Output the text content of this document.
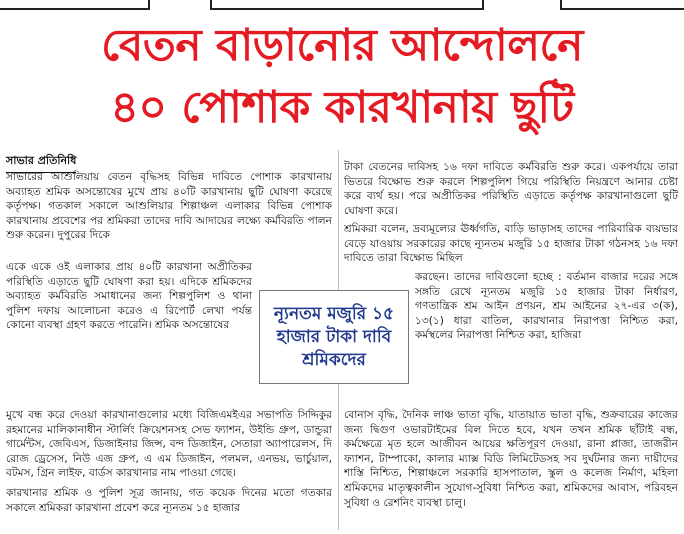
বেতন বাড়ানোর আন্দোলনে
৪০ পোশাক কারখানায় ছুটি
সাভার প্রতিনিধি

সাভারের আশুলিয়ায় বেতন বৃদ্ধিসহ বিভিন্ন দাবিতে পোশাক কারখানায় অব্যাহত শ্রমিক অসন্তোষের মুখে প্রায় ৪০টি কারখানায় ছুটি ঘোষণা করেছে কর্তৃপক্ষ। গতকাল সকালে আশুলিয়ার শিল্পাঞ্চল এলাকার বিভিন্ন পোশাক কারখানায় প্রবেশের পর শ্রমিকরা তাদের দাবি আদায়ের লক্ষ্যে কর্মবিরতি পালন শুরু করেন। দুপুরের দিকে

একে একে ওই এলাকার প্রায় ৪০টি কারখানা অপ্রীতিকর পরিস্থিতি এড়াতে ছুটি ঘোষণা করা হয়। এদিকে শ্রমিকদের অব্যাহত কর্মবিরতি সমাধানের জন্য শিল্পপুলিশ ও থানা পুলিশ দফায় আলোচনা করেও এ রিপোর্ট লেখা পর্যন্ত কোনো ব্যবস্থা গ্রহণ করতে পারেনি। শ্রমিক অসন্তোষের

মুখে বন্ধ করে দেওয়া কারখানাগুলোর মধ্যে বিজিএমইএর সভাপতি সিদ্দিকুর রহমানের মালিকানাধীন স্টার্লিং ক্রিয়েশনসহ সেভ ফ্যাশন, উইন্ডি গ্রুপ, ডান্ডুরা গার্মেন্টস, জেবিএস, ডিজাইনার জিন্স, বন্দ ডিজাইন, সেতারা অ্যাপারেলস, দি রোজ ড্রেসেস, নিউ এজ গ্রুপ, এ এম ডিজাইন, পলমল, এনভয়, ভার্চুয়াল, বটমস, গ্রিন লাইফ, বার্ডস কারখানার নাম পাওয়া গেছে।

কারখানার শ্রমিক ও পুলিশ সূত্র জানায়, গত কয়েক দিনের মতো গতকার সকালে শ্রমিকরা কারখানা প্রবেশ করে ন্যূনতম ১৫ হাজার

টাকা বেতনের দাবিসহ ১৬ দফা দাবিতে কর্মবিরতি শুরু করে। একপর্যায়ে তারা ভিতরে বিক্ষোভ শুরু করলে শিল্পপুলিশ গিয়ে পরিস্থিতি নিয়ন্ত্রণে আনার চেষ্টা করে ব্যর্থ হয়। পরে অপ্রীতিকর পরিস্থিতি এড়াতে কর্তৃপক্ষ কারখানাগুলো ছুটি ঘোষণা করে।

শ্রমিকরা বলেন, দ্রব্যমূল্যের ঊর্ধ্বগতি, বাড়ি ভাড়াসহ তাদের পারিবারিক ব্যয়ভার বেড়ে যাওয়ায় সরকারের কাছে ন্যূনতম মজুরি ১৫ হাজার টাকা গঠনসহ ১৬ দফা দাবিতে তারা বিক্ষোভ মিছিল

করছেন। তাদের দাবিগুলো হচ্ছে : বর্তমান বাজার দরের সঙ্গে সঙ্গতি রেখে ন্যূনতম মজুরি ১৫ হাজার টাকা নির্ধারণ, গণতান্ত্রিক শ্রম আইন প্রণয়ন, শ্রম আইনের ২৭-এর ৩(ক), ১৩(১) ধারা বাতিল, কারখানার নিরাপত্তা নিশ্চিত করা, কর্মস্থলের নিরাপত্তা নিশ্চিত করা, হাজিরা

বোনাস বৃদ্ধি, দৈনিক লাঞ্চ ভাতা বৃদ্ধি, যাতায়াত ভাতা বৃদ্ধি, শুক্রবারের কাজের জন্য দ্বিগুণ ওভারটাইমের বিল দিতে হবে, যখন তখন শ্রমিক ছাঁটাই বন্ধ, কর্মক্ষেত্রে মৃত হলে আজীবন আয়ের ক্ষতিপূরণ দেওয়া, রানা প্লাজা, তাজরীন ফ্যাশন, টাম্পাকো, কালার ম্যাক্স বিডি লিমিটেডসহ সব দুর্ঘটনার জন্য দায়ীদের শাস্তি নিশ্চিত, শিল্পাঞ্চলে সরকারি হাসপাতাল, স্কুল ও কলেজ নির্মাণ, মহিলা শ্রমিকদের মাতৃত্বকালীন সুযোগ-সুবিধা নিশ্চিত করা, শ্রমিকদের আবাস, পরিবহন সুবিধা ও রেশনিং ব্যবস্থা চালু।

ন্যূনতম মজুরি ১৫ হাজার টাকা দাবি শ্রমিকদের
